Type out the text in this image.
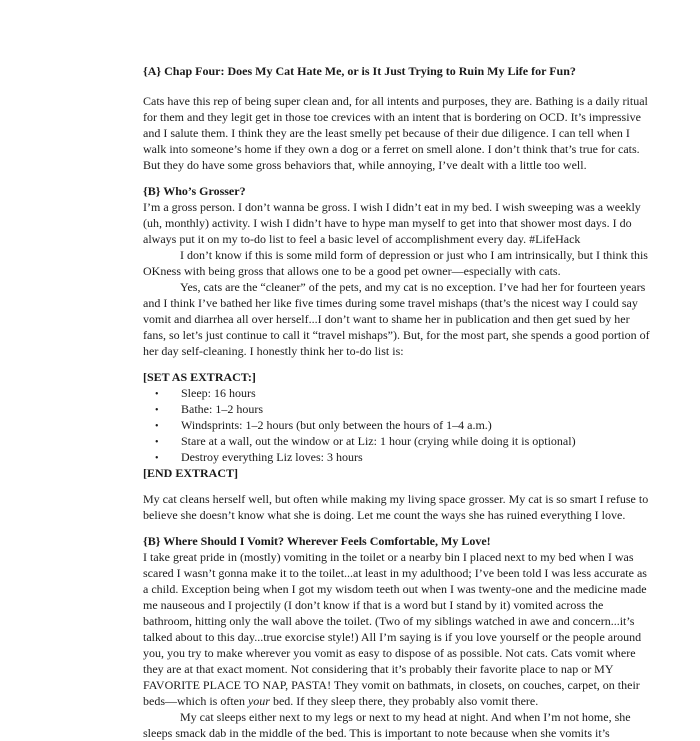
{A} Chap Four: Does My Cat Hate Me, or is It Just Trying to Ruin My Life for Fun?
Cats have this rep of being super clean and, for all intents and purposes, they are. Bathing is a daily ritual
for them and they legit get in those toe crevices with an intent that is bordering on OCD. It’s impressive
and I salute them. I think they are the least smelly pet because of their due diligence. I can tell when I
walk into someone’s home if they own a dog or a ferret on smell alone. I don’t think that’s true for cats.
But they do have some gross behaviors that, while annoying, I’ve dealt with a little too well.
{B} Who’s Grosser?
I’m a gross person. I don’t wanna be gross. I wish I didn’t eat in my bed. I wish sweeping was a weekly
(uh, monthly) activity. I wish I didn’t have to hype man myself to get into that shower most days. I do
always put it on my to-do list to feel a basic level of accomplishment every day. #LifeHack
I don’t know if this is some mild form of depression or just who I am intrinsically, but I think this
OKness with being gross that allows one to be a good pet owner—especially with cats.
Yes, cats are the “cleaner” of the pets, and my cat is no exception. I’ve had her for fourteen years
and I think I’ve bathed her like five times during some travel mishaps (that’s the nicest way I could say
vomit and diarrhea all over herself...I don’t want to shame her in publication and then get sued by her
fans, so let’s just continue to call it “travel mishaps”). But, for the most part, she spends a good portion of
her day self-cleaning. I honestly think her to-do list is:
[SET AS EXTRACT:]
• Sleep: 16 hours
• Bathe: 1–2 hours
• Windsprints: 1–2 hours (but only between the hours of 1–4 a.m.)
• Stare at a wall, out the window or at Liz: 1 hour (crying while doing it is optional)
• Destroy everything Liz loves: 3 hours
[END EXTRACT]
My cat cleans herself well, but often while making my living space grosser. My cat is so smart I refuse to
believe she doesn’t know what she is doing. Let me count the ways she has ruined everything I love.
{B} Where Should I Vomit? Wherever Feels Comfortable, My Love!
I take great pride in (mostly) vomiting in the toilet or a nearby bin I placed next to my bed when I was
scared I wasn’t gonna make it to the toilet...at least in my adulthood; I’ve been told I was less accurate as
a child. Exception being when I got my wisdom teeth out when I was twenty-one and the medicine made
me nauseous and I projectily (I don’t know if that is a word but I stand by it) vomited across the
bathroom, hitting only the wall above the toilet. (Two of my siblings watched in awe and concern...it’s
talked about to this day...true exorcise style!) All I’m saying is if you love yourself or the people around
you, you try to make wherever you vomit as easy to dispose of as possible. Not cats. Cats vomit where
they are at that exact moment. Not considering that it’s probably their favorite place to nap or MY
FAVORITE PLACE TO NAP, PASTA! They vomit on bathmats, in closets, on couches, carpet, on their
beds—which is often your bed. If they sleep there, they probably also vomit there.
My cat sleeps either next to my legs or next to my head at night. And when I’m not home, she
sleeps smack dab in the middle of the bed. This is important to note because when she vomits it’s
